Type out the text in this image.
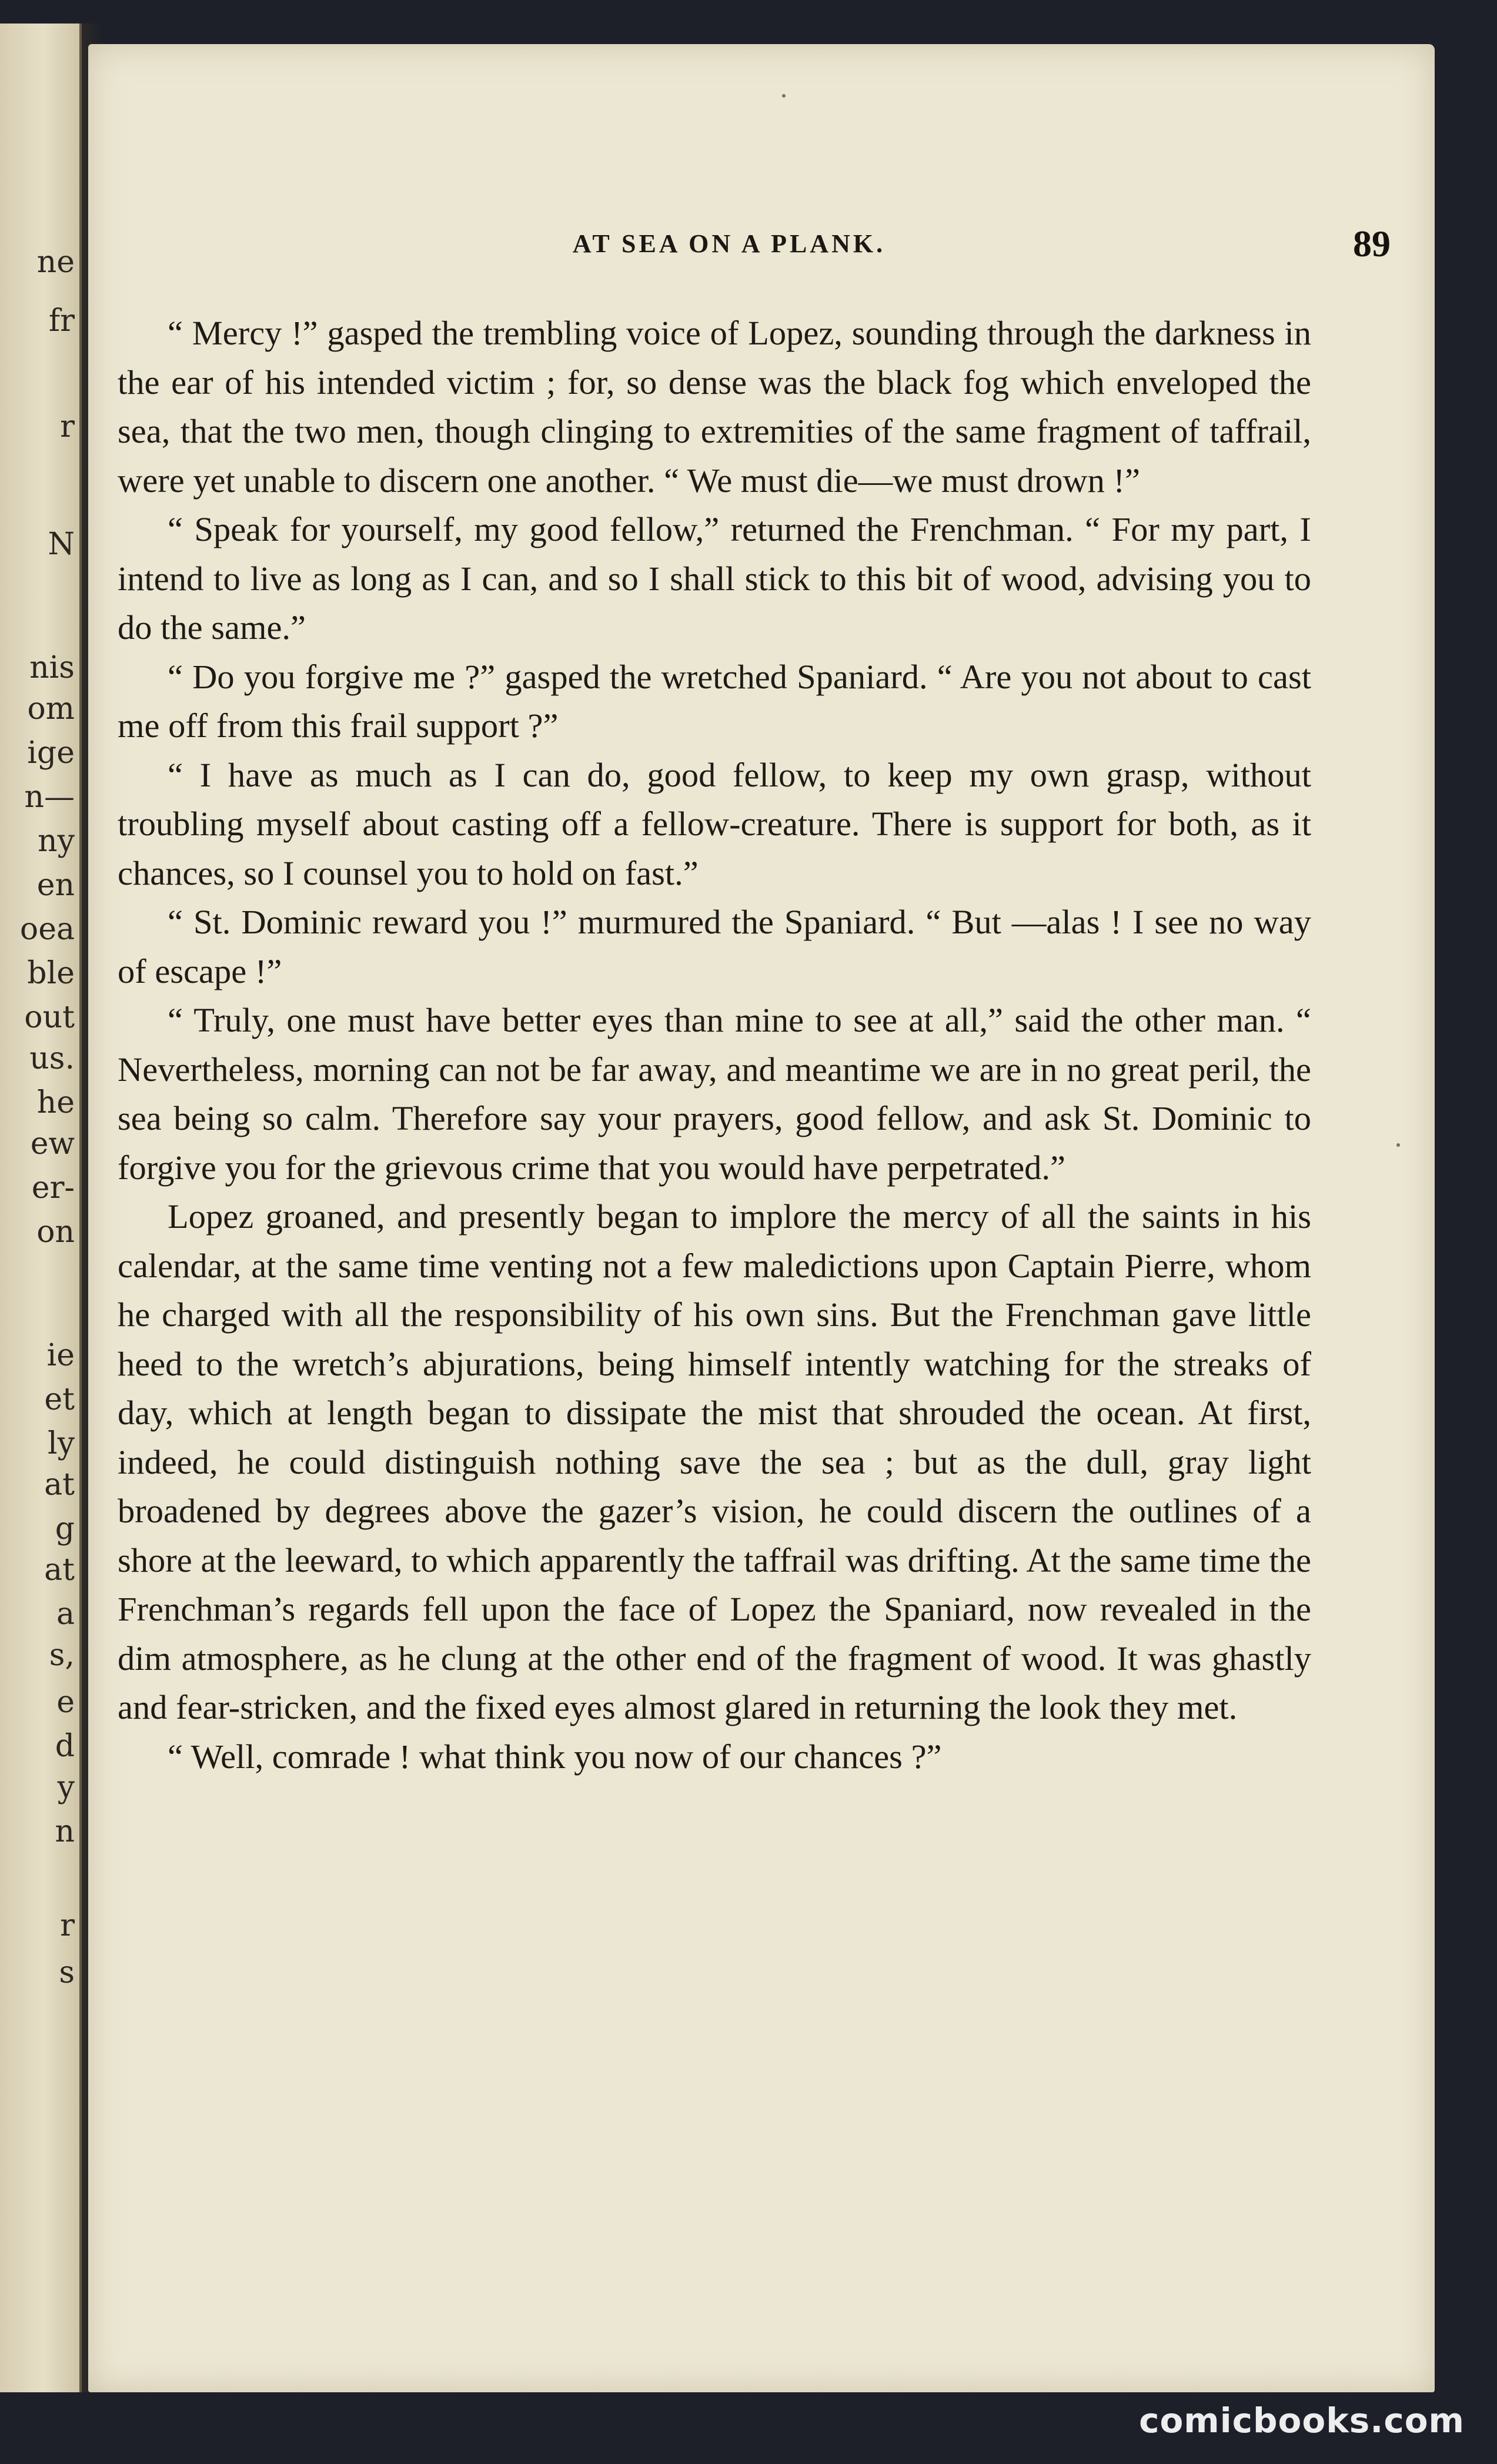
ne
fr
r
N
nis
om
ige
n—
ny
en
oea
ble
out
us.
he
ew
er-
on
ie
et
ly
at
g
at
a
s,
e
d
y
n
r
s
AT SEA ON A PLANK.	89

“ Mercy !” gasped the trembling voice of Lopez, sounding through the darkness in the ear of his intended victim ; for, so dense was the black fog which enveloped the sea, that the two men, though clinging to extremities of the same fragment of taffrail, were yet unable to discern one another. “ We must die—we must drown !”

“ Speak for yourself, my good fellow,” returned the Frenchman. “ For my part, I intend to live as long as I can, and so I shall stick to this bit of wood, advising you to do the same.”

“ Do you forgive me ?” gasped the wretched Spaniard. “ Are you not about to cast me off from this frail support ?”

“ I have as much as I can do, good fellow, to keep my own grasp, without troubling myself about casting off a fellow-creature. There is support for both, as it chances, so I counsel you to hold on fast.”

“ St. Dominic reward you !” murmured the Spaniard. “ But —alas ! I see no way of escape !”

“ Truly, one must have better eyes than mine to see at all,” said the other man. “ Nevertheless, morning can not be far away, and meantime we are in no great peril, the sea being so calm. Therefore say your prayers, good fellow, and ask St. Dominic to forgive you for the grievous crime that you would have perpetrated.”

Lopez groaned, and presently began to implore the mercy of all the saints in his calendar, at the same time venting not a few maledictions upon Captain Pierre, whom he charged with all the responsibility of his own sins. But the Frenchman gave little heed to the wretch’s abjurations, being himself intently watching for the streaks of day, which at length began to dissipate the mist that shrouded the ocean. At first, indeed, he could distinguish nothing save the sea ; but as the dull, gray light broadened by degrees above the gazer’s vision, he could discern the outlines of a shore at the leeward, to which apparently the taffrail was drifting. At the same time the Frenchman’s regards fell upon the face of Lopez the Spaniard, now revealed in the dim atmosphere, as he clung at the other end of the fragment of wood. It was ghastly and fear-stricken, and the fixed eyes almost glared in returning the look they met.

“ Well, comrade ! what think you now of our chances ?”

comicbooks.com
